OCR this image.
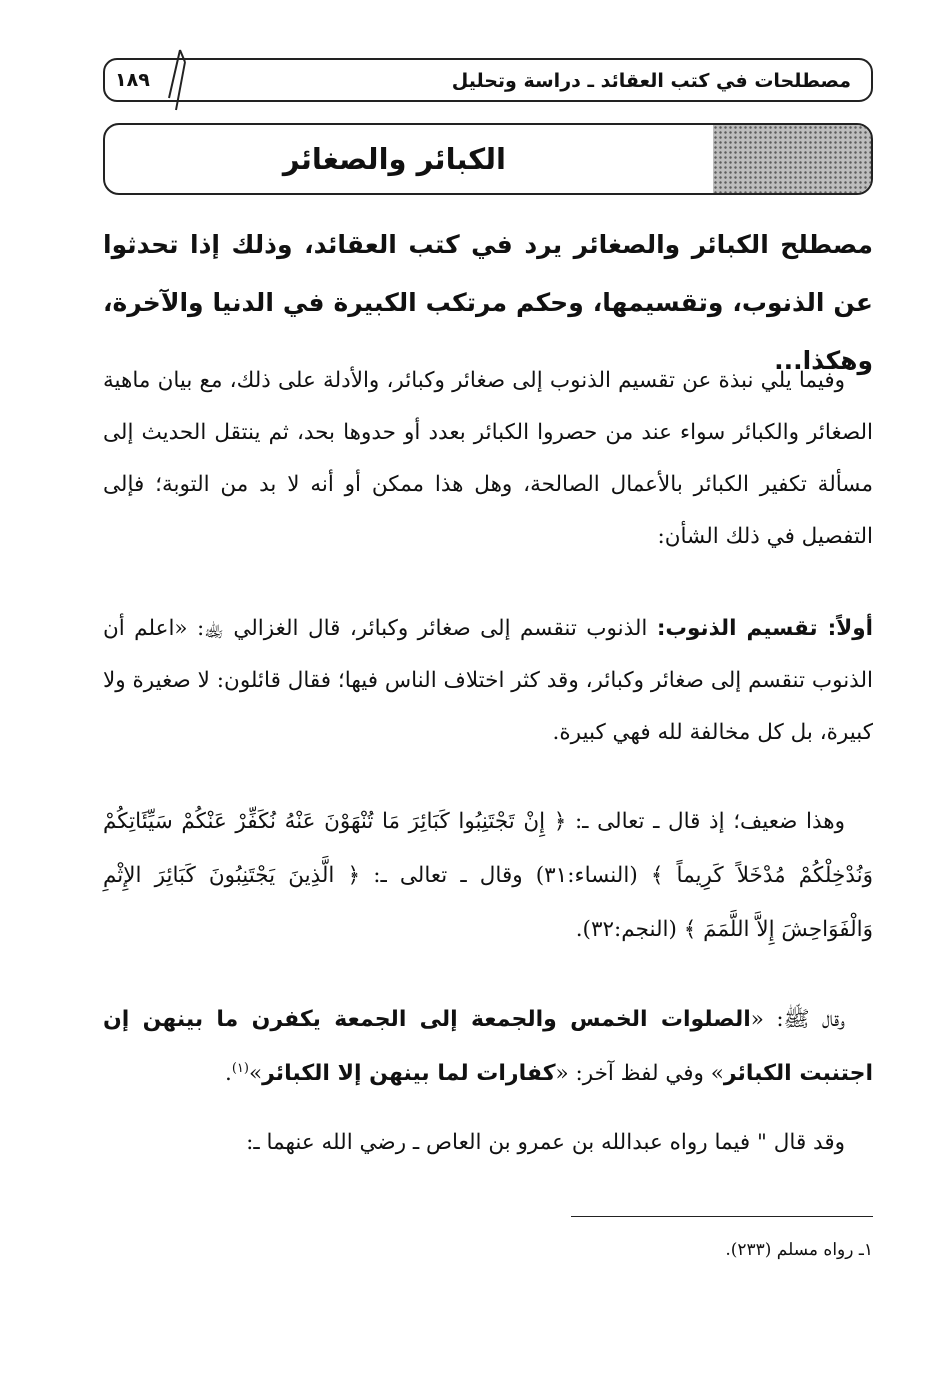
مصطلحات في كتب العقائد ـ دراسة وتحليل
١٨٩
الكبائر والصغائر

مصطلح الكبائر والصغائر يرد في كتب العقائد، وذلك إذا تحدثوا عن الذنوب، وتقسيمها، وحكم مرتكب الكبيرة في الدنيا والآخرة، وهكذا...

وفيما يلي نبذة عن تقسيم الذنوب إلى صغائر وكبائر، والأدلة على ذلك، مع بيان ماهية الصغائر والكبائر سواء عند من حصروا الكبائر بعدد أو حدوها بحد، ثم ينتقل الحديث إلى مسألة تكفير الكبائر بالأعمال الصالحة، وهل هذا ممكن أو أنه لا بد من التوبة؛ فإلى التفصيل في ذلك الشأن:

أولاً: تقسيم الذنوب: الذنوب تنقسم إلى صغائر وكبائر، قال الغزالي ﵀: «اعلم أن الذنوب تنقسم إلى صغائر وكبائر، وقد كثر اختلاف الناس فيها؛ فقال قائلون: لا صغيرة ولا كبيرة، بل كل مخالفة لله فهي كبيرة.

وهذا ضعيف؛ إذ قال ـ تعالى ـ: ﴿ إِنْ تَجْتَنِبُوا كَبَائِرَ مَا تُنْهَوْنَ عَنْهُ نُكَفِّرْ عَنْكُمْ سَيِّئَاتِكُمْ وَنُدْخِلْكُمْ مُدْخَلاً كَرِيماً ﴾ (النساء:٣١) وقال ـ تعالى ـ: ﴿ الَّذِينَ يَجْتَنِبُونَ كَبَائِرَ الإِثْمِ وَالْفَوَاحِشَ إِلاَّ اللَّمَمَ ﴾ (النجم:٣٢).

وقال ﷺ: «الصلوات الخمس والجمعة إلى الجمعة يكفرن ما بينهن إن اجتنبت الكبائر» وفي لفظ آخر: «كفارات لما بينهن إلا الكبائر»$^{(١)}$.

وقد قال " فيما رواه عبدالله بن عمرو بن العاص ـ رضي الله عنهما ـ:

١ـ رواه مسلم (٢٣٣).
